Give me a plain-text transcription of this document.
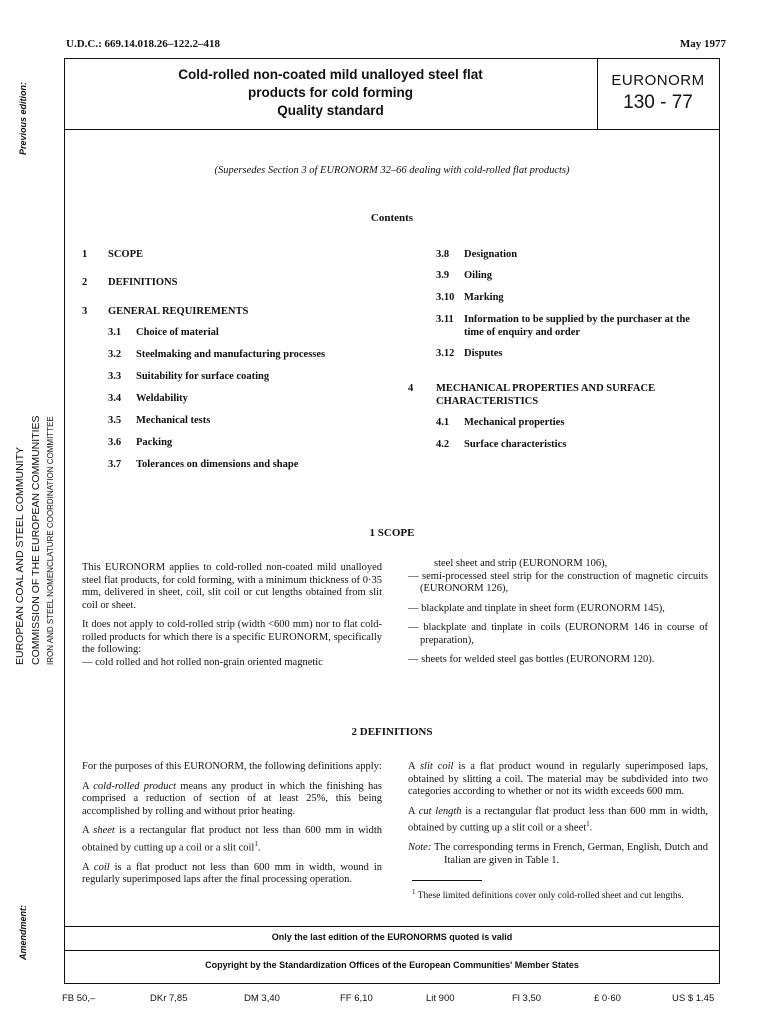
Previous edition:
Amendment:
EUROPEAN COAL AND STEEL COMMUNITY COMMISSION OF THE EUROPEAN COMMUNITIES IRON AND STEEL NOMENCLATURE COORDINATION COMMITTEE
U.D.C.: 669.14.018.26–122.2–418	May 1977
Cold-rolled non-coated mild unalloyed steel flat
products for cold forming
Quality standard
EURONORM
130 - 77
(Supersedes Section 3 of EURONORM 32–66 dealing with cold-rolled flat products)
Contents
1 SCOPE
2 DEFINITIONS
3 GENERAL REQUIREMENTS
3.1 Choice of material
3.2 Steelmaking and manufacturing processes
3.3 Suitability for surface coating
3.4 Weldability
3.5 Mechanical tests
3.6 Packing
3.7 Tolerances on dimensions and shape
3.8 Designation
3.9 Oiling
3.10 Marking
3.11 Information to be supplied by the purchaser at the time of enquiry and order
3.12 Disputes
4 MECHANICAL PROPERTIES AND SURFACE CHARACTERISTICS
4.1 Mechanical properties
4.2 Surface characteristics
1 SCOPE

This EURONORM applies to cold-rolled non-coated mild unalloyed steel flat products, for cold forming, with a minimum thickness of 0·35 mm, delivered in sheet, coil, slit coil or cut lengths obtained from slit coil or sheet.

It does not apply to cold-rolled strip (width <600 mm) nor to flat cold-rolled products for which there is a specific EURONORM, specifically the following:

— cold rolled and hot rolled non-grain oriented magnetic

steel sheet and strip (EURONORM 106),

— semi-processed steel strip for the construction of magnetic circuits (EURONORM 126),

— blackplate and tinplate in sheet form (EURONORM 145),

— blackplate and tinplate in coils (EURONORM 146 in course of preparation),

— sheets for welded steel gas bottles (EURONORM 120).

2 DEFINITIONS

For the purposes of this EURONORM, the following definitions apply:

A cold-rolled product means any product in which the finishing has comprised a reduction of section of at least 25%, this being accomplished by rolling and without prior heating.

A sheet is a rectangular flat product not less than 600 mm in width obtained by cutting up a coil or a slit coil$^1$.

A coil is a flat product not less than 600 mm in width, wound in regularly superimposed laps after the final processing operation.

A slit coil is a flat product wound in regularly superimposed laps, obtained by slitting a coil. The material may be subdivided into two categories according to whether or not its width exceeds 600 mm.

A cut length is a rectangular flat product less than 600 mm in width, obtained by cutting up a slit coil or a sheet$^1$.

Note: The corresponding terms in French, German, English, Dutch and Italian are given in Table 1.

$^1$ These limited definitions cover only cold-rolled sheet and cut lengths.
Only the last edition of the EURONORMS quoted is valid
Copyright by the Standardization Offices of the European Communities' Member States
FB 50,–	DKr 7,85	DM 3,40	FF 6,10	Lit 900	Fl 3,50	£ 0·60	US $ 1.45
